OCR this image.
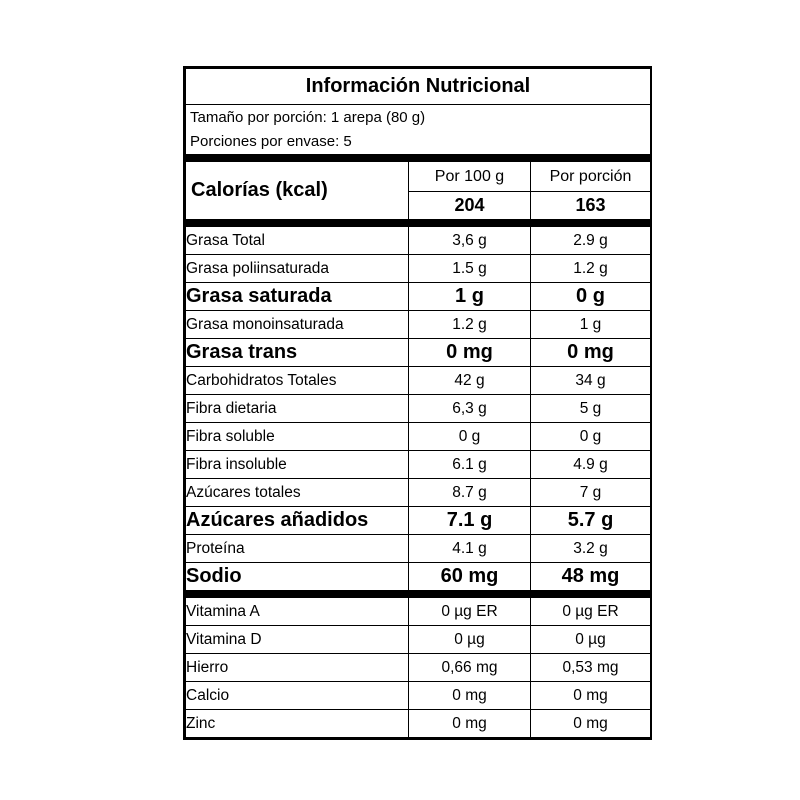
Información Nutricional		
Tamaño por porción: 1 arepa (80 g)		
Porciones por envase: 5		
Calorías (kcal)	Por 100 g	Por porción
	204	163
Grasa Total	3,6 g	2.9 g
Grasa poliinsaturada	1.5 g	1.2 g
Grasa saturada	1 g	0 g
Grasa monoinsaturada	1.2 g	1 g
Grasa trans	0 mg	0 mg
Carbohidratos Totales	42 g	34 g
Fibra dietaria	6,3 g	5 g
Fibra soluble	0 g	0 g
Fibra insoluble	6.1 g	4.9 g
Azúcares totales	8.7 g	7 g
Azúcares añadidos	7.1 g	5.7 g
Proteína	4.1 g	3.2 g
Sodio	60 mg	48 mg
Vitamina A	0 µg ER	0 µg ER
Vitamina D	0 µg	0 µg
Hierro	0,66 mg	0,53 mg
Calcio	0 mg	0 mg
Zinc	0 mg	0 mg
